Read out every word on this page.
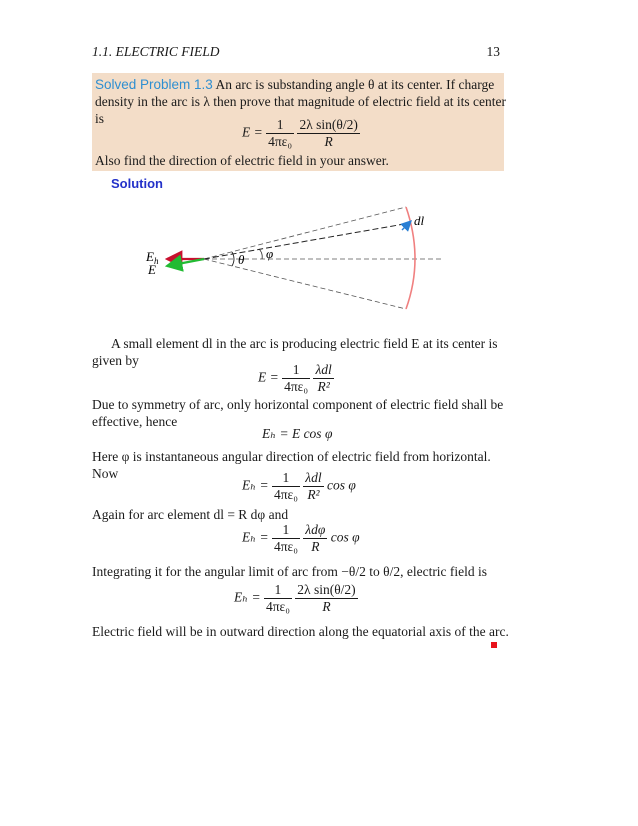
1.1. ELECTRIC FIELD	13
Solved Problem 1.3 An arc is substanding angle θ at its center. If charge
density in the arc is λ then prove that magnitude of electric field at its center
is
$E = \frac{1}{\text{4πε₀}}$
$\frac{\text{2λ sin(θ/2)}}{R}$
Also find the direction of electric field in your answer.
Solution
dl
φ
θ
$E_h$
E
A small element dl in the arc is producing electric field E at its center is
given by
$E = \frac{1}{\text{4πε₀}}$
$\frac{\text{λdl}}{\text{R²}}$
Due to symmetry of arc, only horizontal component of electric field shall be
effective, hence
Eₕ = E cos φ
Here φ is instantaneous angular direction of electric field from horizontal.
Now
$E_h = \frac{1}{\text{4πε₀}}$
$\frac{\text{λdl}}{\text{R²}}$ cos φ
Again for arc element dl = R dφ and
$E_h = \frac{1}{\text{4πε₀}}$
$\frac{\text{λdφ}}{R}$ cos φ
Integrating it for the angular limit of arc from −θ/2 to θ/2, electric field is
$E_h = \frac{1}{\text{4πε₀}}$
$\frac{\text{2λ sin(θ/2)}}{R}$
Electric field will be in outward direction along the equatorial axis of the arc.
